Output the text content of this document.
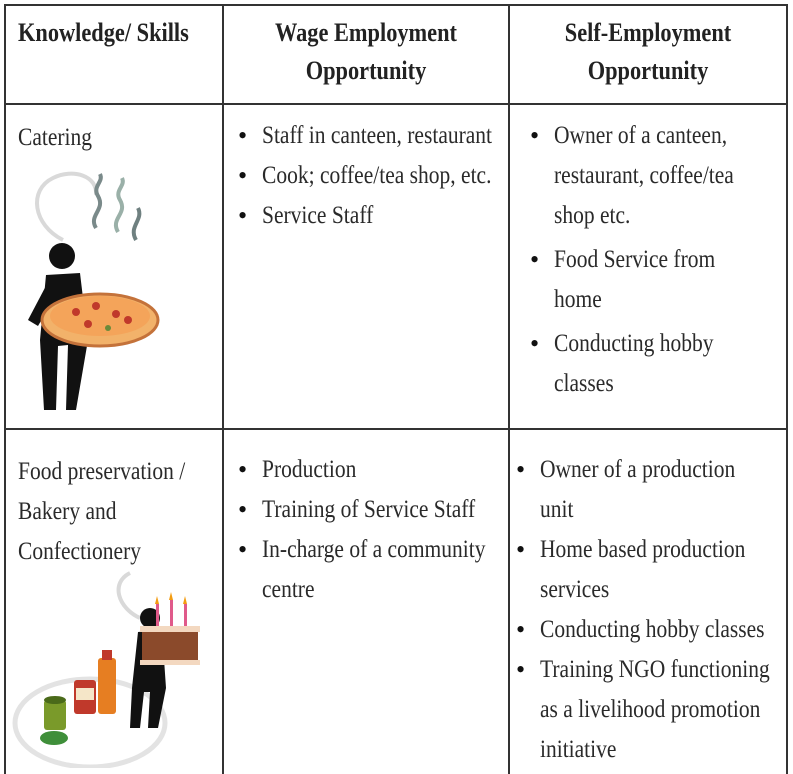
Knowledge/ Skills	Wage Employment
Opportunity
Self-Employment
Opportunity
Catering
•	Staff in canteen, restaurant
• Cook; coffee/tea shop, etc.
• Service Staff
• Owner of a canteen,
restaurant, coffee/tea
shop etc.
• Food Service from
home
• Conducting hobby
classes
Food preservation /
Bakery and
Confectionery
• Production
• Training of Service Staff
• In-charge of a community
centre
• Owner of a production
unit
• Home based production
services
• Conducting hobby classes
• Training NGO functioning
as a livelihood promotion
initiative
